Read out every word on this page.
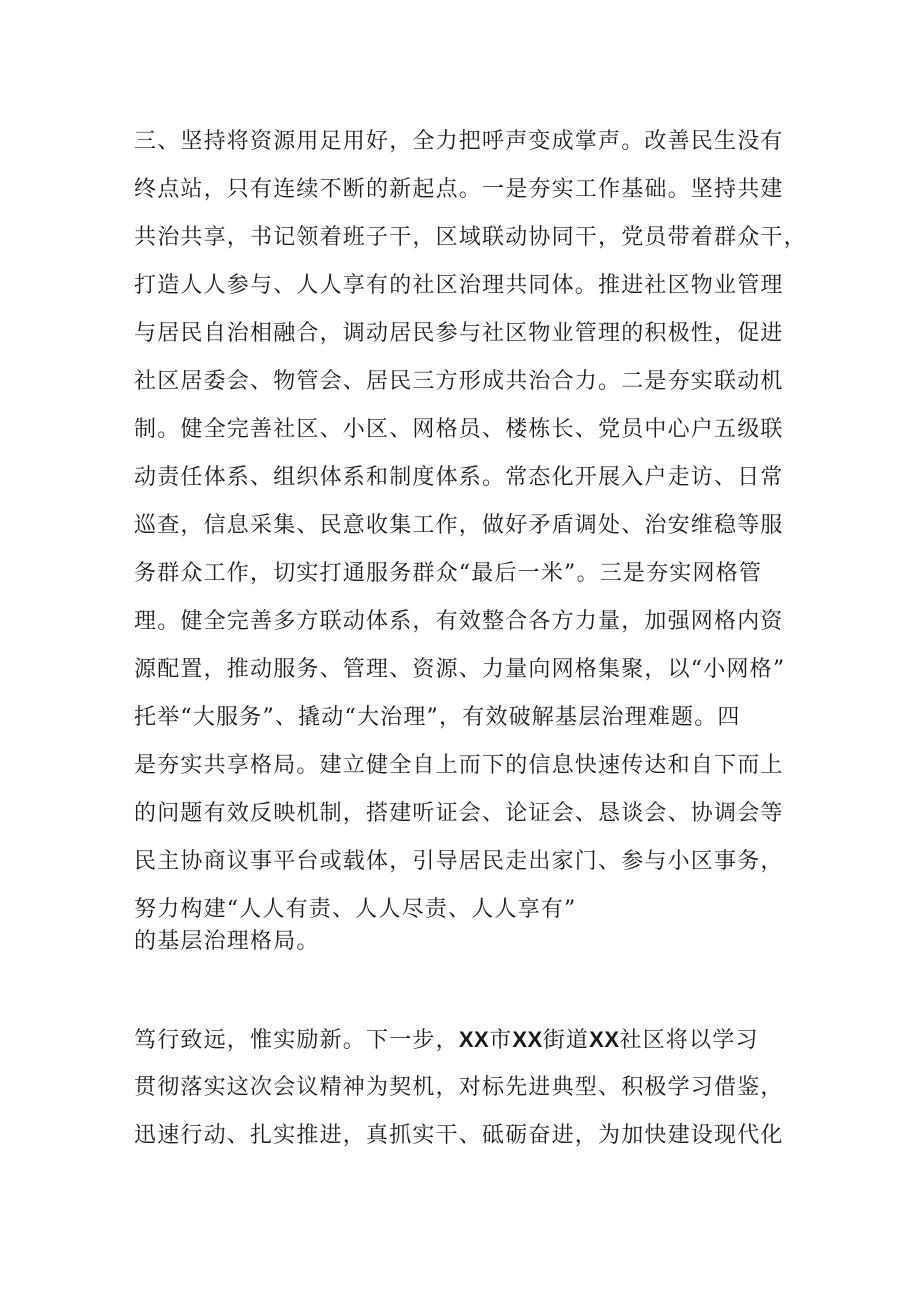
三、坚持将资源用足用好，全力把呼声变成掌声。改善民生没有
终点站，只有连续不断的新起点。一是夯实工作基础。坚持共建
共治共享，书记领着班子干，区域联动协同干，党员带着群众干，
打造人人参与、人人享有的社区治理共同体。推进社区物业管理
与居民自治相融合，调动居民参与社区物业管理的积极性，促进
社区居委会、物管会、居民三方形成共治合力。二是夯实联动机
制。健全完善社区、小区、网格员、楼栋长、党员中心户五级联
动责任体系、组织体系和制度体系。常态化开展入户走访、日常
巡查，信息采集、民意收集工作，做好矛盾调处、治安维稳等服
务群众工作，切实打通服务群众“最后一米”。三是夯实网格管
理。健全完善多方联动体系，有效整合各方力量，加强网格内资
源配置，推动服务、管理、资源、力量向网格集聚，以“小网格”
托举“大服务”、撬动“大治理”，有效破解基层治理难题。四
是夯实共享格局。建立健全自上而下的信息快速传达和自下而上
的问题有效反映机制，搭建听证会、论证会、恳谈会、协调会等
民主协商议事平台或载体，引导居民走出家门、参与小区事务，
努力构建“人人有责、人人尽责、人人享有”
的基层治理格局。
笃行致远，惟实励新。下一步，XX市XX街道XX社区将以学习
贯彻落实这次会议精神为契机，对标先进典型、积极学习借鉴，
迅速行动、扎实推进，真抓实干、砥砺奋进，为加快建设现代化
